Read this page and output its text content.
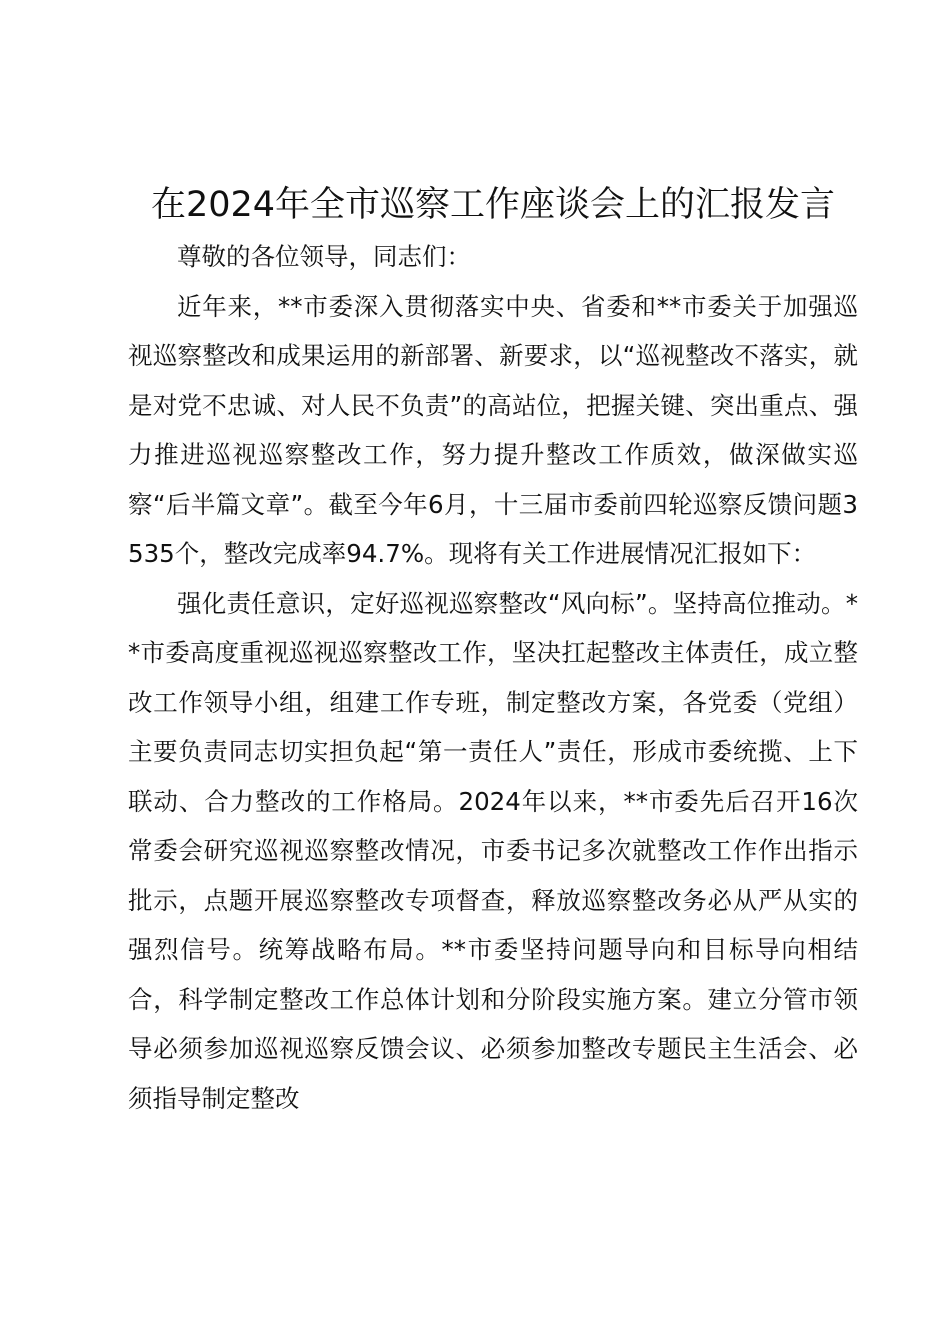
在2024年全市巡察工作座谈会上的汇报发言

尊敬的各位领导，同志们：

近年来，**市委深入贯彻落实中央、省委和**市委关于加强巡视巡察整改和成果运用的新部署、新要求，以“巡视整改不落实，就是对党不忠诚、对人民不负责”的高站位，把握关键、突出重点、强力推进巡视巡察整改工作，努力提升整改工作质效，做深做实巡察“后半篇文章”。截至今年6月，十三届市委前四轮巡察反馈问题3535个，整改完成率94.7%。现将有关工作进展情况汇报如下：

强化责任意识，定好巡视巡察整改“风向标”。坚持高位推动。**市委高度重视巡视巡察整改工作，坚决扛起整改主体责任，成立整改工作领导小组，组建工作专班，制定整改方案，各党委（党组）主要负责同志切实担负起“第一责任人”责任，形成市委统揽、上下联动、合力整改的工作格局。2024年以来，**市委先后召开16次常委会研究巡视巡察整改情况，市委书记多次就整改工作作出指示批示，点题开展巡察整改专项督查，释放巡察整改务必从严从实的强烈信号。统筹战略布局。**市委坚持问题导向和目标导向相结合，科学制定整改工作总体计划和分阶段实施方案。建立分管市领导必须参加巡视巡察反馈会议、必须参加整改专题民主生活会、必须指导制定整改
